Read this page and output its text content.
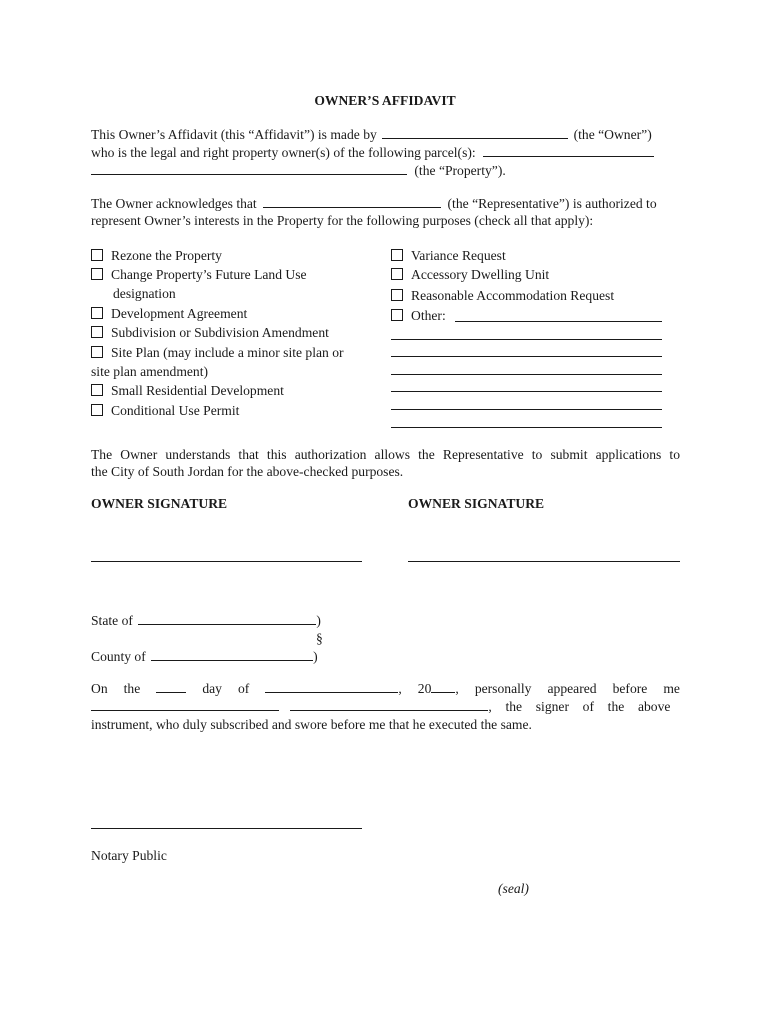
OWNER’S AFFIDAVIT
This Owner’s Affidavit (this “Affidavit”) is made by	(the “Owner”)
who is the legal and right property owner(s) of the following parcel(s):
(the “Property”).
The Owner acknowledges that	(the “Representative”) is authorized to
represent Owner’s interests in the Property for the following purposes (check all that apply):
Rezone the Property
Change Property’s Future Land Use
designation
Development Agreement
Subdivision or Subdivision Amendment
Site Plan (may include a minor site plan or
site plan amendment)
Small Residential Development
Conditional Use Permit
Variance Request
Accessory Dwelling Unit
Reasonable Accommodation Request
Other:
The Owner understands that this authorization allows the Representative to submit applications to
the City of South Jordan for the above-checked purposes.
OWNER SIGNATURE	OWNER SIGNATURE
State of	)
§
County of	)
On the	day of	, 20 , personally appeared before me
, the signer of the above
instrument, who duly subscribed and swore before me that he executed the same.
Notary Public
(seal)
